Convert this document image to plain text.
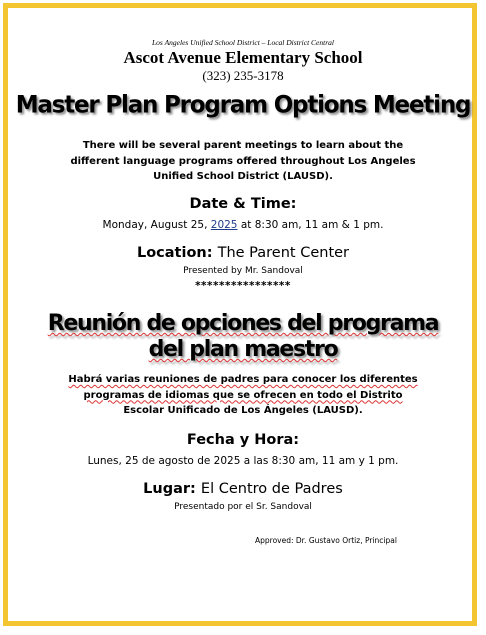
Los Angeles Unified School District – Local District Central
Ascot Avenue Elementary School
(323) 235-3178
Master Plan Program Options Meeting
There will be several parent meetings to learn about the
different language programs offered throughout Los Angeles
Unified School District (LAUSD).
Date & Time:
Monday, August 25, 2025 at 8:30 am, 11 am & 1 pm.
Location: The Parent Center
Presented by Mr. Sandoval
****************
Reunión de opciones del programa
del plan maestro
Habrá varias reuniones de padres para conocer los diferentes
programas de idiomas que se ofrecen en todo el Distrito
Escolar Unificado de Los Ángeles (LAUSD).
Fecha y Hora:
Lunes, 25 de agosto de 2025 a las 8:30 am, 11 am y 1 pm.
Lugar: El Centro de Padres
Presentado por el Sr. Sandoval
Approved: Dr. Gustavo Ortiz, Principal
